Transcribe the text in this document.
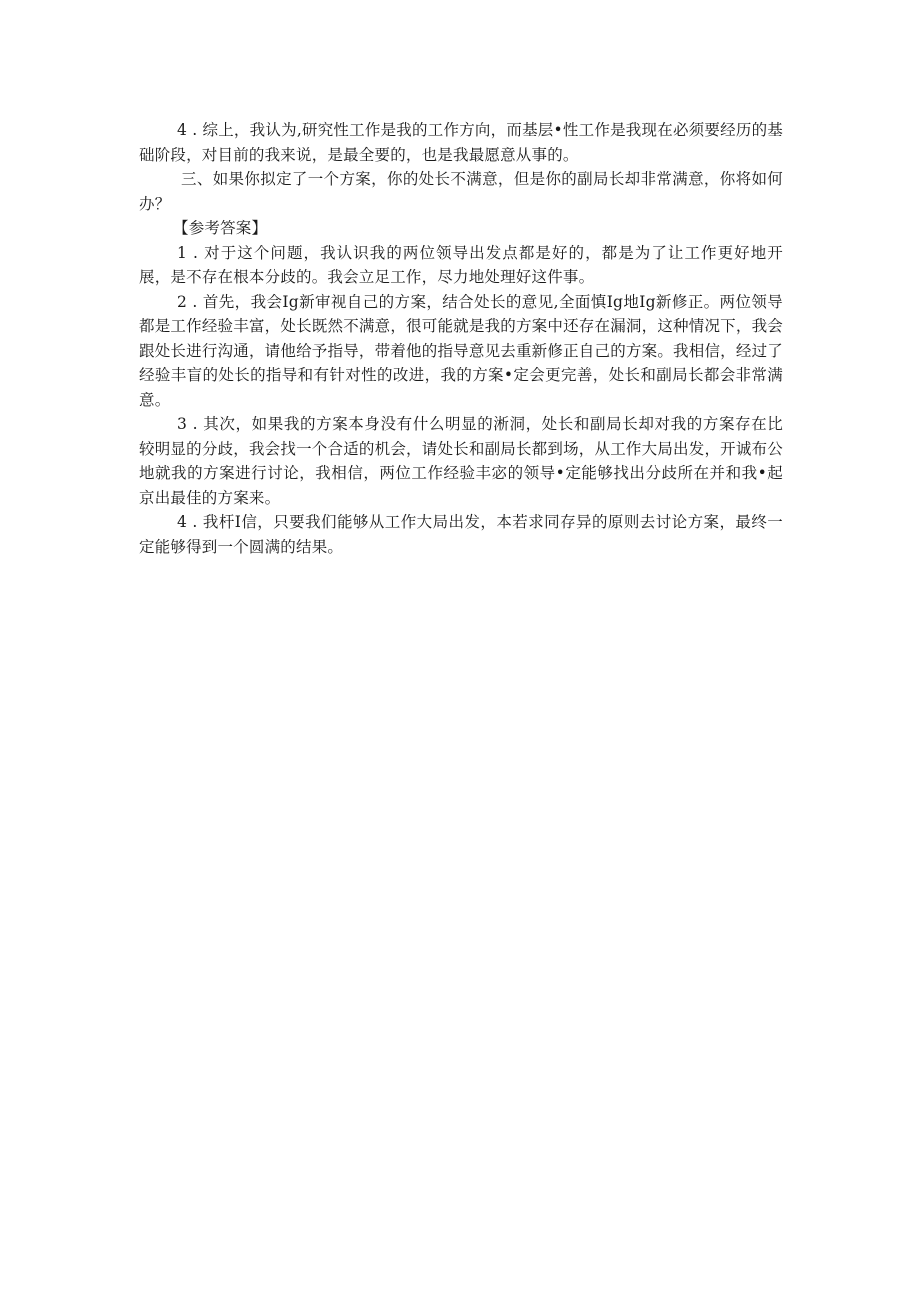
4 . 综上，我认为,研究性工作是我的工作方向，而基层•性工作是我现在必须要经历的基础阶段，对目前的我来说，是最全要的，也是我最愿意从事的。

三、如果你拟定了一个方案，你的处长不满意，但是你的副局长却非常满意，你将如何办？

【参考答案】

1 . 对于这个问题，我认识我的两位领导出发点都是好的，都是为了让工作更好地开展，是不存在根本分歧的。我会立足工作，尽力地处理好这件事。

2 . 首先，我会Ig新审视自己的方案，结合处长的意见,全面慎Ig地Ig新修正。两位领导都是工作经验丰富，处长既然不满意，很可能就是我的方案中还存在漏洞，这种情况下，我会跟处长进行沟通，请他给予指导，带着他的指导意见去重新修正自己的方案。我相信，经过了经验丰盲的处长的指导和有针对性的改进，我的方案•定会更完善，处长和副局长都会非常满意。

3 . 其次，如果我的方案本身没有什么明显的淅洞，处长和副局长却对我的方案存在比较明显的分歧，我会找一个合适的机会，请处长和副局长都到场，从工作大局出发，开诚布公地就我的方案进行讨论，我相信，两位工作经验丰宓的领导•定能够找出分歧所在并和我•起京出最佳的方案来。

4 . 我杆I信，只要我们能够从工作大局出发，本若求同存异的原则去讨论方案，最终一定能够得到一个圆满的结果。
